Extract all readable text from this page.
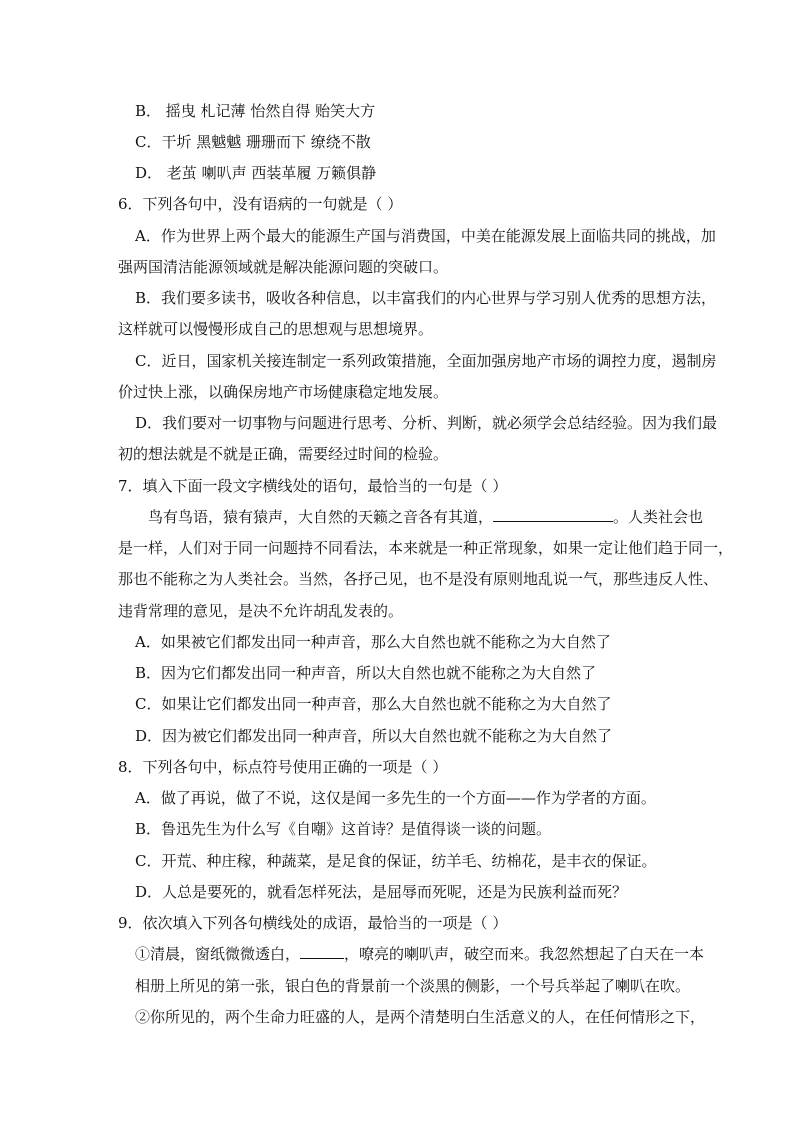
B． 摇曳 札记薄 怡然自得 贻笑大方
C．干圻 黑魆魆 珊珊而下 缭绕不散
D． 老茧 喇叭声 西装革履 万籁俱静
6．下列各句中，没有语病的一句就是（ ）
A．作为世界上两个最大的能源生产国与消费国，中美在能源发展上面临共同的挑战，加
强两国清洁能源领域就是解决能源问题的突破口。
B．我们要多读书，吸收各种信息，以丰富我们的内心世界与学习别人优秀的思想方法，
这样就可以慢慢形成自己的思想观与思想境界。
C．近日，国家机关接连制定一系列政策措施，全面加强房地产市场的调控力度，遏制房
价过快上涨，以确保房地产市场健康稳定地发展。
D．我们要对一切事物与问题进行思考、分析、判断，就必须学会总结经验。因为我们最
初的想法就是不就是正确，需要经过时间的检验。
7．填入下面一段文字横线处的语句，最恰当的一句是（ ）
鸟有鸟语，猿有猿声，大自然的天籁之音各有其道，	。人类社会也
是一样，人们对于同一问题持不同看法，本来就是一种正常现象，如果一定让他们趋于同一，
那也不能称之为人类社会。当然，各抒己见，也不是没有原则地乱说一气，那些违反人性、
违背常理的意见，是决不允许胡乱发表的。
A．如果被它们都发出同一种声音，那么大自然也就不能称之为大自然了
B．因为它们都发出同一种声音，所以大自然也就不能称之为大自然了
C．如果让它们都发出同一种声音，那么大自然也就不能称之为大自然了
D．因为被它们都发出同一种声音，所以大自然也就不能称之为大自然了
8．下列各句中，标点符号使用正确的一项是（ ）
A．做了再说，做了不说，这仅是闻一多先生的一个方面——作为学者的方面。
B．鲁迅先生为什么写《自嘲》这首诗？是值得谈一谈的问题。
C．开荒、种庄稼，种蔬菜，是足食的保证，纺羊毛、纺棉花，是丰衣的保证。
D．人总是要死的，就看怎样死法，是屈辱而死呢，还是为民族利益而死？
9．依次填入下列各句横线处的成语，最恰当的一项是（ ）
①清晨，窗纸微微透白，	，嘹亮的喇叭声，破空而来。我忽然想起了白天在一本
相册上所见的第一张，银白色的背景前一个淡黑的侧影，一个号兵举起了喇叭在吹。
②你所见的，两个生命力旺盛的人，是两个清楚明白生活意义的人，在任何情形之下，
